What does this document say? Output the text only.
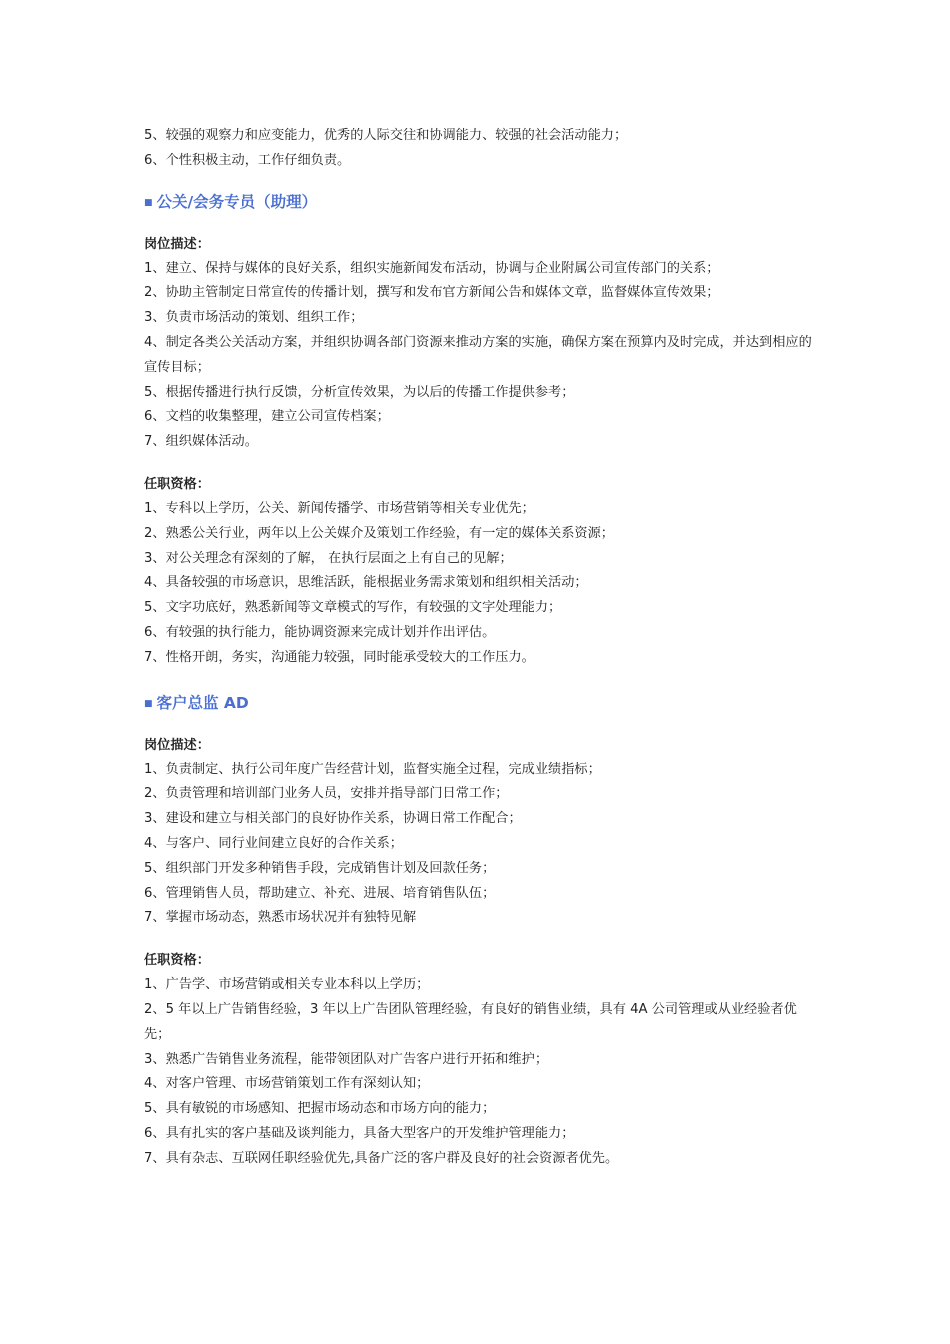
5、较强的观察力和应变能力，优秀的人际交往和协调能力、较强的社会活动能力；

6、个性积极主动，工作仔细负责。

■ 公关/会务专员（助理）

岗位描述：

1、建立、保持与媒体的良好关系，组织实施新闻发布活动，协调与企业附属公司宣传部门的关系；

2、协助主管制定日常宣传的传播计划，撰写和发布官方新闻公告和媒体文章，监督媒体宣传效果；

3、负责市场活动的策划、组织工作；

4、制定各类公关活动方案，并组织协调各部门资源来推动方案的实施，确保方案在预算内及时完成，并达到相应的宣传目标；

5、根据传播进行执行反馈，分析宣传效果，为以后的传播工作提供参考；

6、文档的收集整理，建立公司宣传档案；

7、组织媒体活动。

任职资格：

1、专科以上学历，公关、新闻传播学、市场营销等相关专业优先；

2、熟悉公关行业，两年以上公关媒介及策划工作经验，有一定的媒体关系资源；

3、对公关理念有深刻的了解， 在执行层面之上有自己的见解；

4、具备较强的市场意识，思维活跃，能根据业务需求策划和组织相关活动；

5、文字功底好，熟悉新闻等文章模式的写作，有较强的文字处理能力；

6、有较强的执行能力，能协调资源来完成计划并作出评估。

7、性格开朗，务实，沟通能力较强，同时能承受较大的工作压力。

■ 客户总监 AD

岗位描述：

1、负责制定、执行公司年度广告经营计划，监督实施全过程，完成业绩指标；

2、负责管理和培训部门业务人员，安排并指导部门日常工作；

3、建设和建立与相关部门的良好协作关系，协调日常工作配合；

4、与客户、同行业间建立良好的合作关系；

5、组织部门开发多种销售手段，完成销售计划及回款任务；

6、管理销售人员，帮助建立、补充、进展、培育销售队伍；

7、掌握市场动态，熟悉市场状况并有独特见解

任职资格：

1、广告学、市场营销或相关专业本科以上学历；

2、5 年以上广告销售经验，3 年以上广告团队管理经验，有良好的销售业绩，具有 4A 公司管理或从业经验者优先；

3、熟悉广告销售业务流程，能带领团队对广告客户进行开拓和维护；

4、对客户管理、市场营销策划工作有深刻认知；

5、具有敏锐的市场感知、把握市场动态和市场方向的能力；

6、具有扎实的客户基础及谈判能力，具备大型客户的开发维护管理能力；

7、具有杂志、互联网任职经验优先,具备广泛的客户群及良好的社会资源者优先。
